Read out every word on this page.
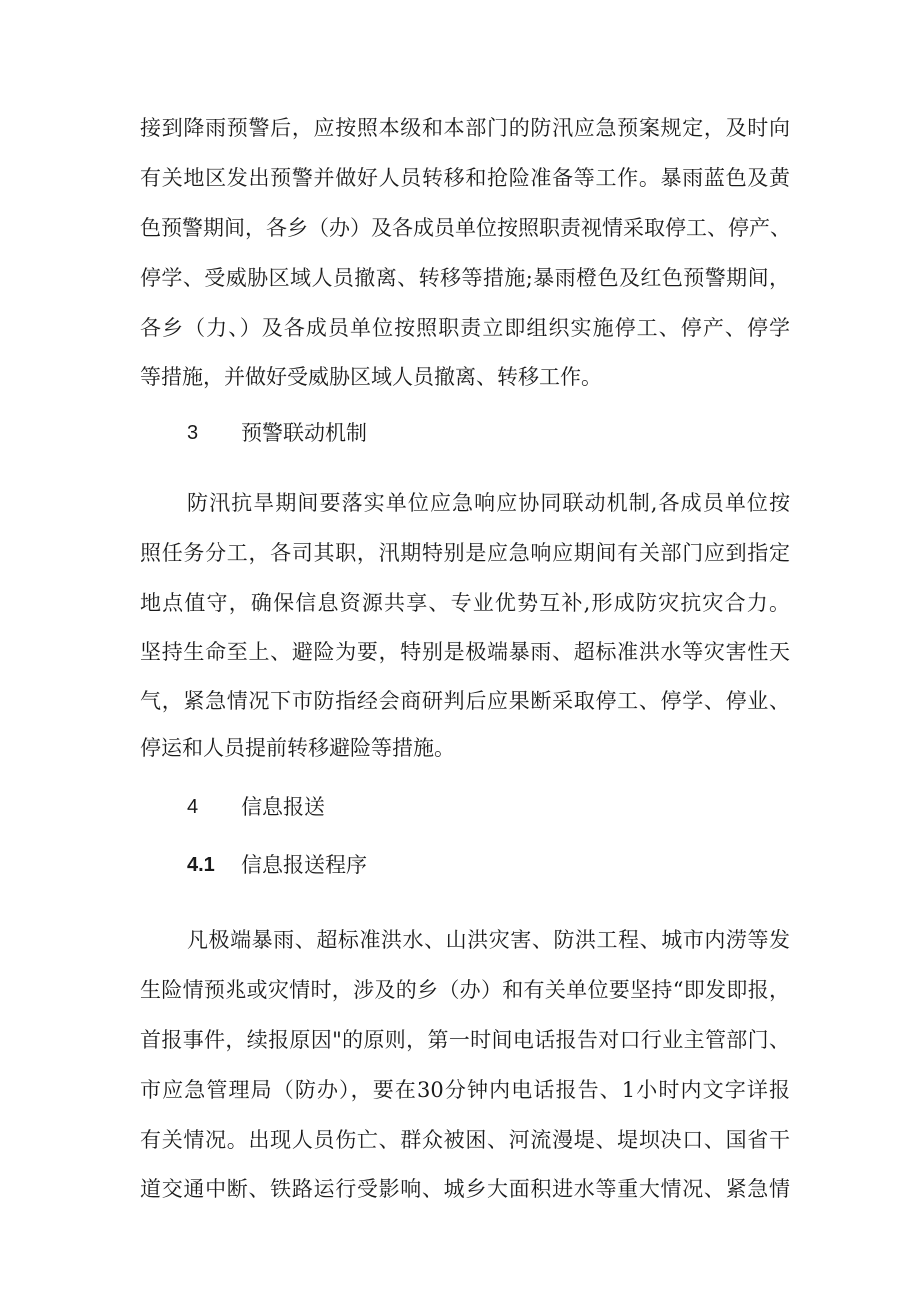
接到降雨预警后，应按照本级和本部门的防汛应急预案规定，及时向
有关地区发出预警并做好人员转移和抢险准备等工作。暴雨蓝色及黄
色预警期间，各乡（办）及各成员单位按照职责视情采取停工、停产、
停学、受威胁区域人员撤离、转移等措施;暴雨橙色及红色预警期间，
各乡（力、）及各成员单位按照职责立即组织实施停工、停产、停学
等措施，并做好受威胁区域人员撤离、转移工作。
3 预警联动机制
防汛抗旱期间要落实单位应急响应协同联动机制,各成员单位按
照任务分工，各司其职，汛期特别是应急响应期间有关部门应到指定
地点值守，确保信息资源共享、专业优势互补,形成防灾抗灾合力。
坚持生命至上、避险为要，特别是极端暴雨、超标准洪水等灾害性天
气，紧急情况下市防指经会商研判后应果断采取停工、停学、停业、
停运和人员提前转移避险等措施。
4 信息报送
4.1 信息报送程序
凡极端暴雨、超标准洪水、山洪灾害、防洪工程、城市内涝等发
生险情预兆或灾情时，涉及的乡（办）和有关单位要坚持“即发即报，
首报事件，续报原因"的原则，第一时间电话报告对口行业主管部门、
市应急管理局（防办），要在30分钟内电话报告、1小时内文字详报
有关情况。出现人员伤亡、群众被困、河流漫堤、堤坝决口、国省干
道交通中断、铁路运行受影响、城乡大面积进水等重大情况、紧急情
